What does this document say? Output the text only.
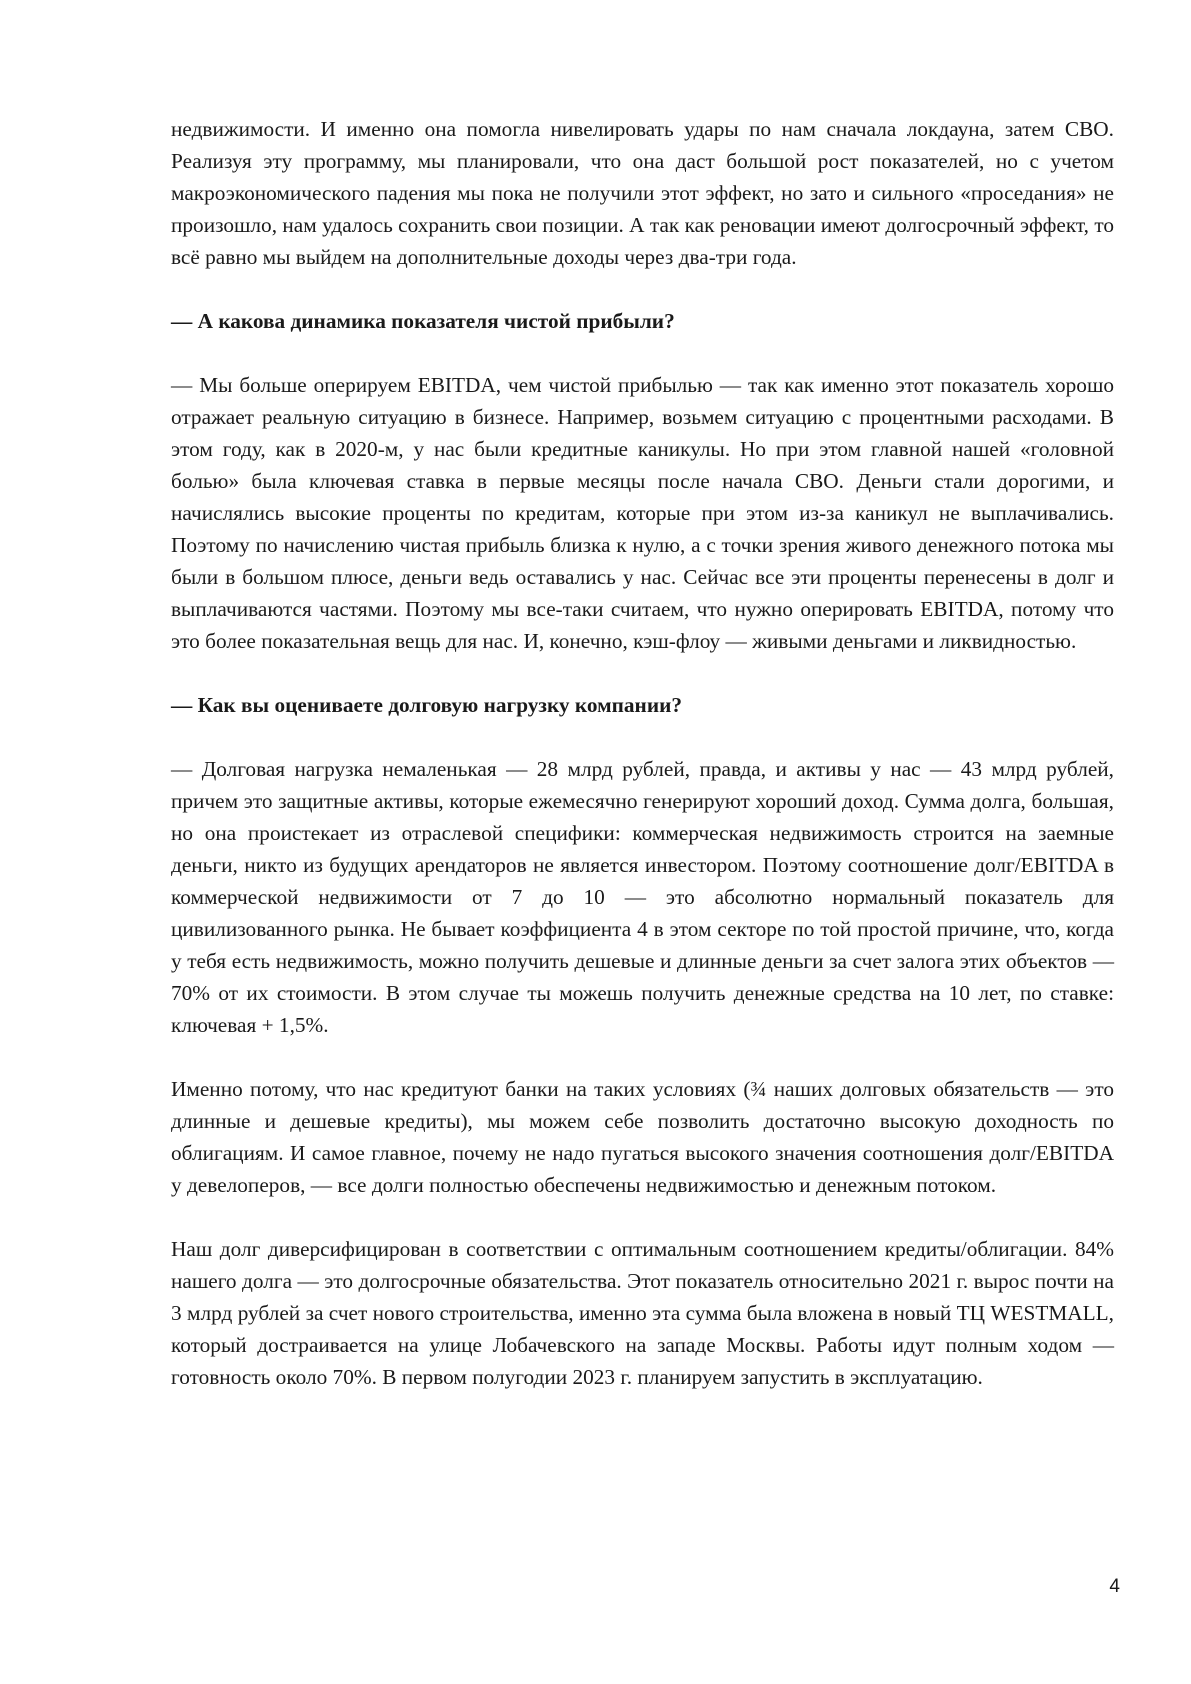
недвижимости. И именно она помогла нивелировать удары по нам сначала локдауна, затем СВО. Реализуя эту программу, мы планировали, что она даст большой рост показателей, но с учетом макроэкономического падения мы пока не получили этот эффект, но зато и сильного «проседания» не произошло, нам удалось сохранить свои позиции. А так как реновации имеют долгосрочный эффект, то всё равно мы выйдем на дополнительные доходы через два-три года.

— А какова динамика показателя чистой прибыли?

— Мы больше оперируем EBITDA, чем чистой прибылью — так как именно этот показатель хорошо отражает реальную ситуацию в бизнесе. Например, возьмем ситуацию с процентными расходами. В этом году, как в 2020-м, у нас были кредитные каникулы. Но при этом главной нашей «головной болью» была ключевая ставка в первые месяцы после начала СВО. Деньги стали дорогими, и начислялись высокие проценты по кредитам, которые при этом из-за каникул не выплачивались. Поэтому по начислению чистая прибыль близка к нулю, а с точки зрения живого денежного потока мы были в большом плюсе, деньги ведь оставались у нас. Сейчас все эти проценты перенесены в долг и выплачиваются частями. Поэтому мы все-таки считаем, что нужно оперировать EBITDA, потому что это более показательная вещь для нас. И, конечно, кэш-флоу — живыми деньгами и ликвидностью.

— Как вы оцениваете долговую нагрузку компании?

— Долговая нагрузка немаленькая — 28 млрд рублей, правда, и активы у нас — 43 млрд рублей, причем это защитные активы, которые ежемесячно генерируют хороший доход. Сумма долга, большая, но она проистекает из отраслевой специфики: коммерческая недвижимость строится на заемные деньги, никто из будущих арендаторов не является инвестором. Поэтому соотношение долг/EBITDA в коммерческой недвижимости от 7 до 10 — это абсолютно нормальный показатель для цивилизованного рынка. Не бывает коэффициента 4 в этом секторе по той простой причине, что, когда у тебя есть недвижимость, можно получить дешевые и длинные деньги за счет залога этих объектов — 70% от их стоимости. В этом случае ты можешь получить денежные средства на 10 лет, по ставке: ключевая + 1,5%.

Именно потому, что нас кредитуют банки на таких условиях (¾ наших долговых обязательств — это длинные и дешевые кредиты), мы можем себе позволить достаточно высокую доходность по облигациям. И самое главное, почему не надо пугаться высокого значения соотношения долг/EBITDA у девелоперов, — все долги полностью обеспечены недвижимостью и денежным потоком.

Наш долг диверсифицирован в соответствии с оптимальным соотношением кредиты/облигации. 84% нашего долга — это долгосрочные обязательства. Этот показатель относительно 2021 г. вырос почти на 3 млрд рублей за счет нового строительства, именно эта сумма была вложена в новый ТЦ WESTMALL, который достраивается на улице Лобачевского на западе Москвы. Работы идут полным ходом — готовность около 70%. В первом полугодии 2023 г. планируем запустить в эксплуатацию.

4
